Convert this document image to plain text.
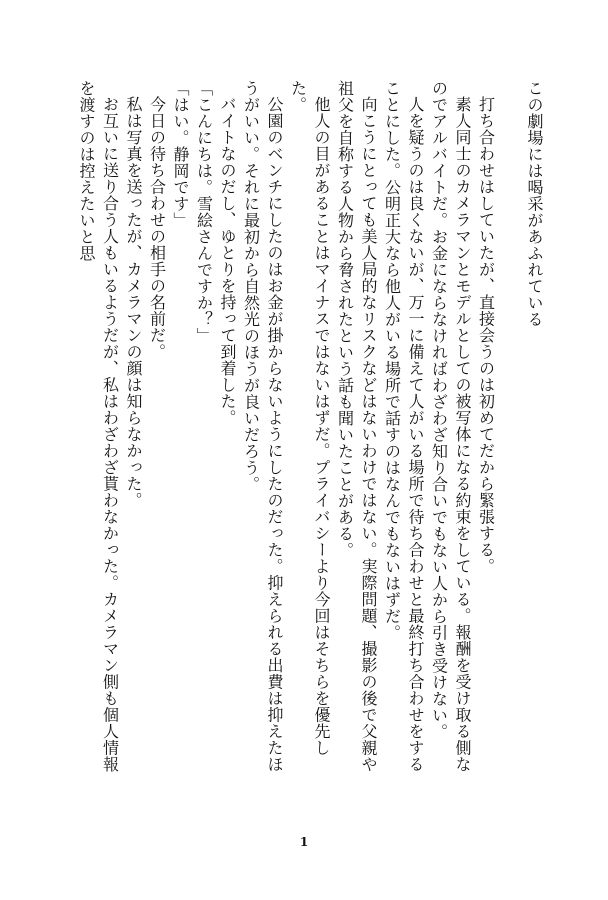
この劇場には喝采があふれている

打ち合わせはしていたが、直接会うのは初めてだから緊張する。

素人同士のカメラマンとモデルとしての被写体になる約束をしている。報酬を受け取る側なのでアルバイトだ。お金にならなければわざわざ知り合いでもない人から引き受けない。

人を疑うのは良くないが、万一に備えて人がいる場所で待ち合わせと最終打ち合わせをすることにした。公明正大なら他人がいる場所で話すのはなんでもないはずだ。

向こうにとっても美人局的なリスクなどはないわけではない。実際問題、撮影の後で父親や祖父を自称する人物から脅されたという話も聞いたことがある。

他人の目があることはマイナスではないはずだ。プライバシーより今回はそちらを優先した。

公園のベンチにしたのはお金が掛からないようにしたのだった。抑えられる出費は抑えたほうがいい。それに最初から自然光のほうが良いだろう。

バイトなのだし、ゆとりを持って到着した。

「こんにちは。雪絵さんですか？」

「はい。静岡です」

今日の待ち合わせの相手の名前だ。

私は写真を送ったが、カメラマンの顔は知らなかった。

お互いに送り合う人もいるようだが、私はわざわざ貰わなかった。カメラマン側も個人情報を渡すのは控えたいと思

1
